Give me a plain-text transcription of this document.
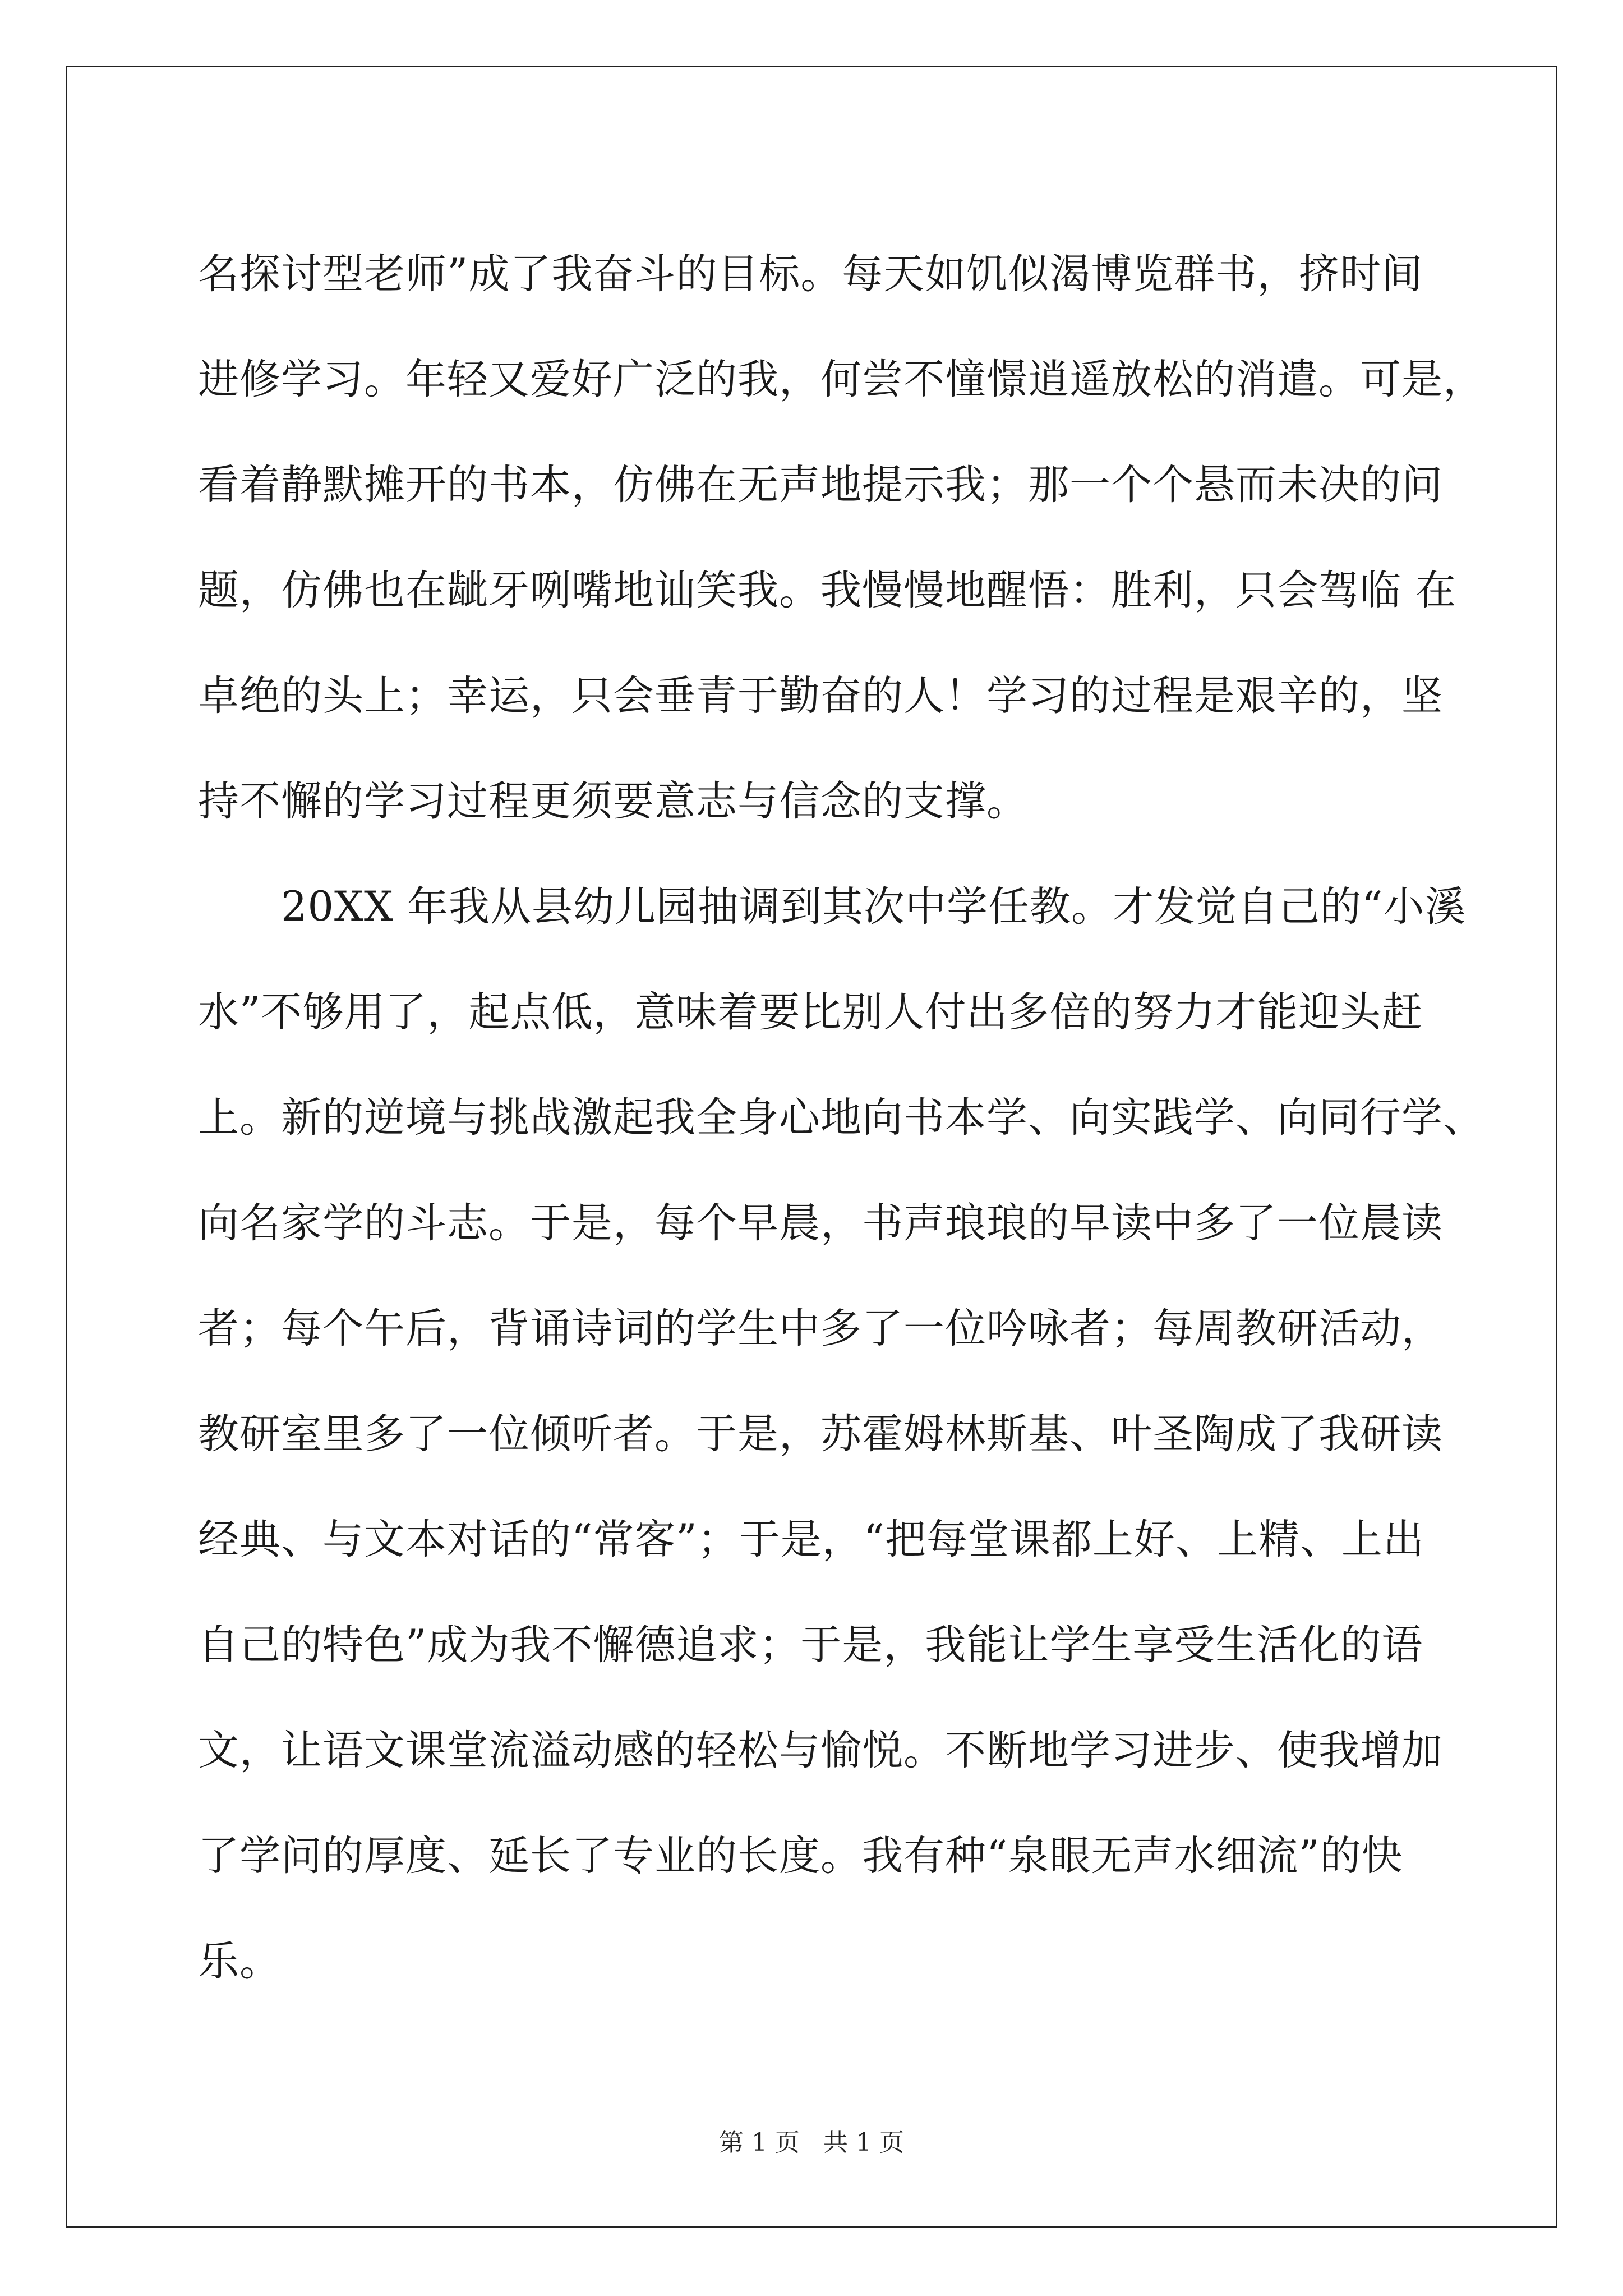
名探讨型老师”成了我奋斗的目标。每天如饥似渴博览群书，挤时间
进修学习。年轻又爱好广泛的我，何尝不憧憬逍遥放松的消遣。可是，
看着静默摊开的书本，仿佛在无声地提示我；那一个个悬而未决的问
题，仿佛也在龇牙咧嘴地讪笑我。我慢慢地醒悟：胜利，只会驾临 在
卓绝的头上；幸运，只会垂青于勤奋的人！学习的过程是艰辛的，坚
持不懈的学习过程更须要意志与信念的支撑。
　　20XX 年我从县幼儿园抽调到其次中学任教。才发觉自己的“小溪
水”不够用了，起点低，意味着要比别人付出多倍的努力才能迎头赶
上。新的逆境与挑战激起我全身心地向书本学、向实践学、向同行学、
向名家学的斗志。于是，每个早晨，书声琅琅的早读中多了一位晨读
者；每个午后，背诵诗词的学生中多了一位吟咏者；每周教研活动，
教研室里多了一位倾听者。于是，苏霍姆林斯基、叶圣陶成了我研读
经典、与文本对话的“常客”；于是，“把每堂课都上好、上精、上出
自己的特色”成为我不懈德追求；于是，我能让学生享受生活化的语
文，让语文课堂流溢动感的轻松与愉悦。不断地学习进步、使我增加
了学问的厚度、延长了专业的长度。我有种“泉眼无声水细流”的快
乐。
第 1 页 共 1 页
